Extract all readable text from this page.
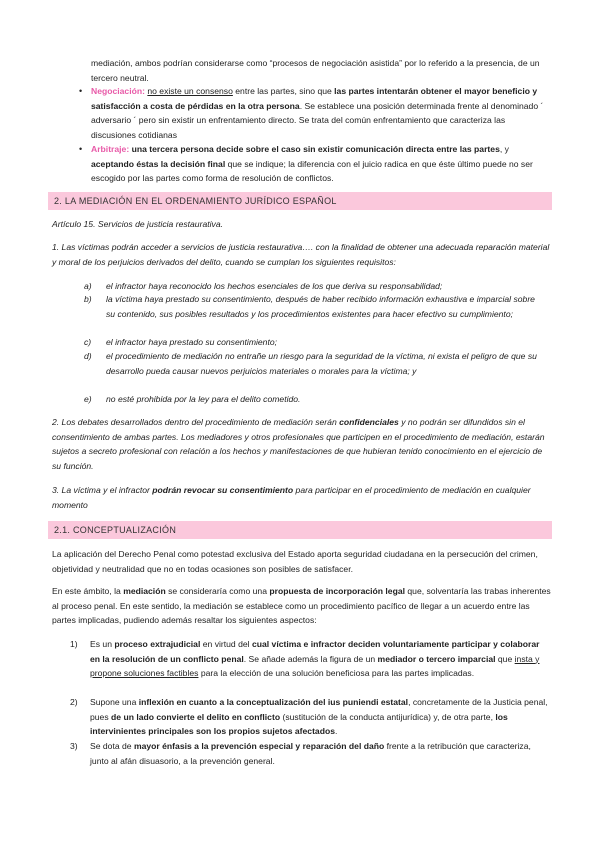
mediación, ambos podrían considerarse como “procesos de negociación asistida” por lo referido a la presencia, de un tercero neutral.

• Negociación: no existe un consenso entre las partes, sino que las partes intentarán obtener el mayor beneficio y satisfacción a costa de pérdidas en la otra persona. Se establece una posición determinada frente al denominado ´ adversario ´ pero sin existir un enfrentamiento directo. Se trata del común enfrentamiento que caracteriza las discusiones cotidianas
• Arbitraje: una tercera persona decide sobre el caso sin existir comunicación directa entre las partes, y aceptando éstas la decisión final que se indique; la diferencia con el juicio radica en que éste último puede no ser escogido por las partes como forma de resolución de conflictos.
2. LA MEDIACIÓN EN EL ORDENAMIENTO JURÍDICO ESPAÑOL

Artículo 15. Servicios de justicia restaurativa.

1. Las víctimas podrán acceder a servicios de justicia restaurativa…. con la finalidad de obtener una adecuada reparación material y moral de los perjuicios derivados del delito, cuando se cumplan los siguientes requisitos:

a) el infractor haya reconocido los hechos esenciales de los que deriva su responsabilidad;
b) la víctima haya prestado su consentimiento, después de haber recibido información exhaustiva e imparcial sobre su contenido, sus posibles resultados y los procedimientos existentes para hacer efectivo su cumplimiento;
c) el infractor haya prestado su consentimiento;
d) el procedimiento de mediación no entrañe un riesgo para la seguridad de la víctima, ni exista el peligro de que su desarrollo pueda causar nuevos perjuicios materiales o morales para la víctima; y
e) no esté prohibida por la ley para el delito cometido.

2. Los debates desarrollados dentro del procedimiento de mediación serán confidenciales y no podrán ser difundidos sin el consentimiento de ambas partes. Los mediadores y otros profesionales que participen en el procedimiento de mediación, estarán sujetos a secreto profesional con relación a los hechos y manifestaciones de que hubieran tenido conocimiento en el ejercicio de su función.

3. La víctima y el infractor podrán revocar su consentimiento para participar en el procedimiento de mediación en cualquier momento

2.1. CONCEPTUALIZACIÓN

La aplicación del Derecho Penal como potestad exclusiva del Estado aporta seguridad ciudadana en la persecución del crimen, objetividad y neutralidad que no en todas ocasiones son posibles de satisfacer.

En este ámbito, la mediación se consideraría como una propuesta de incorporación legal que, solventaría las trabas inherentes al proceso penal. En este sentido, la mediación se establece como un procedimiento pacífico de llegar a un acuerdo entre las partes implicadas, pudiendo además resaltar los siguientes aspectos:

1) Es un proceso extrajudicial en virtud del cual víctima e infractor deciden voluntariamente participar y colaborar en la resolución de un conflicto penal. Se añade además la figura de un mediador o tercero imparcial que insta y propone soluciones factibles para la elección de una solución beneficiosa para las partes implicadas.
2) Supone una inflexión en cuanto a la conceptualización del ius puniendi estatal, concretamente de la Justicia penal, pues de un lado convierte el delito en conflicto (sustitución de la conducta antijurídica) y, de otra parte, los intervinientes principales son los propios sujetos afectados.
3) Se dota de mayor énfasis a la prevención especial y reparación del daño frente a la retribución que caracteriza, junto al afán disuasorio, a la prevención general.
